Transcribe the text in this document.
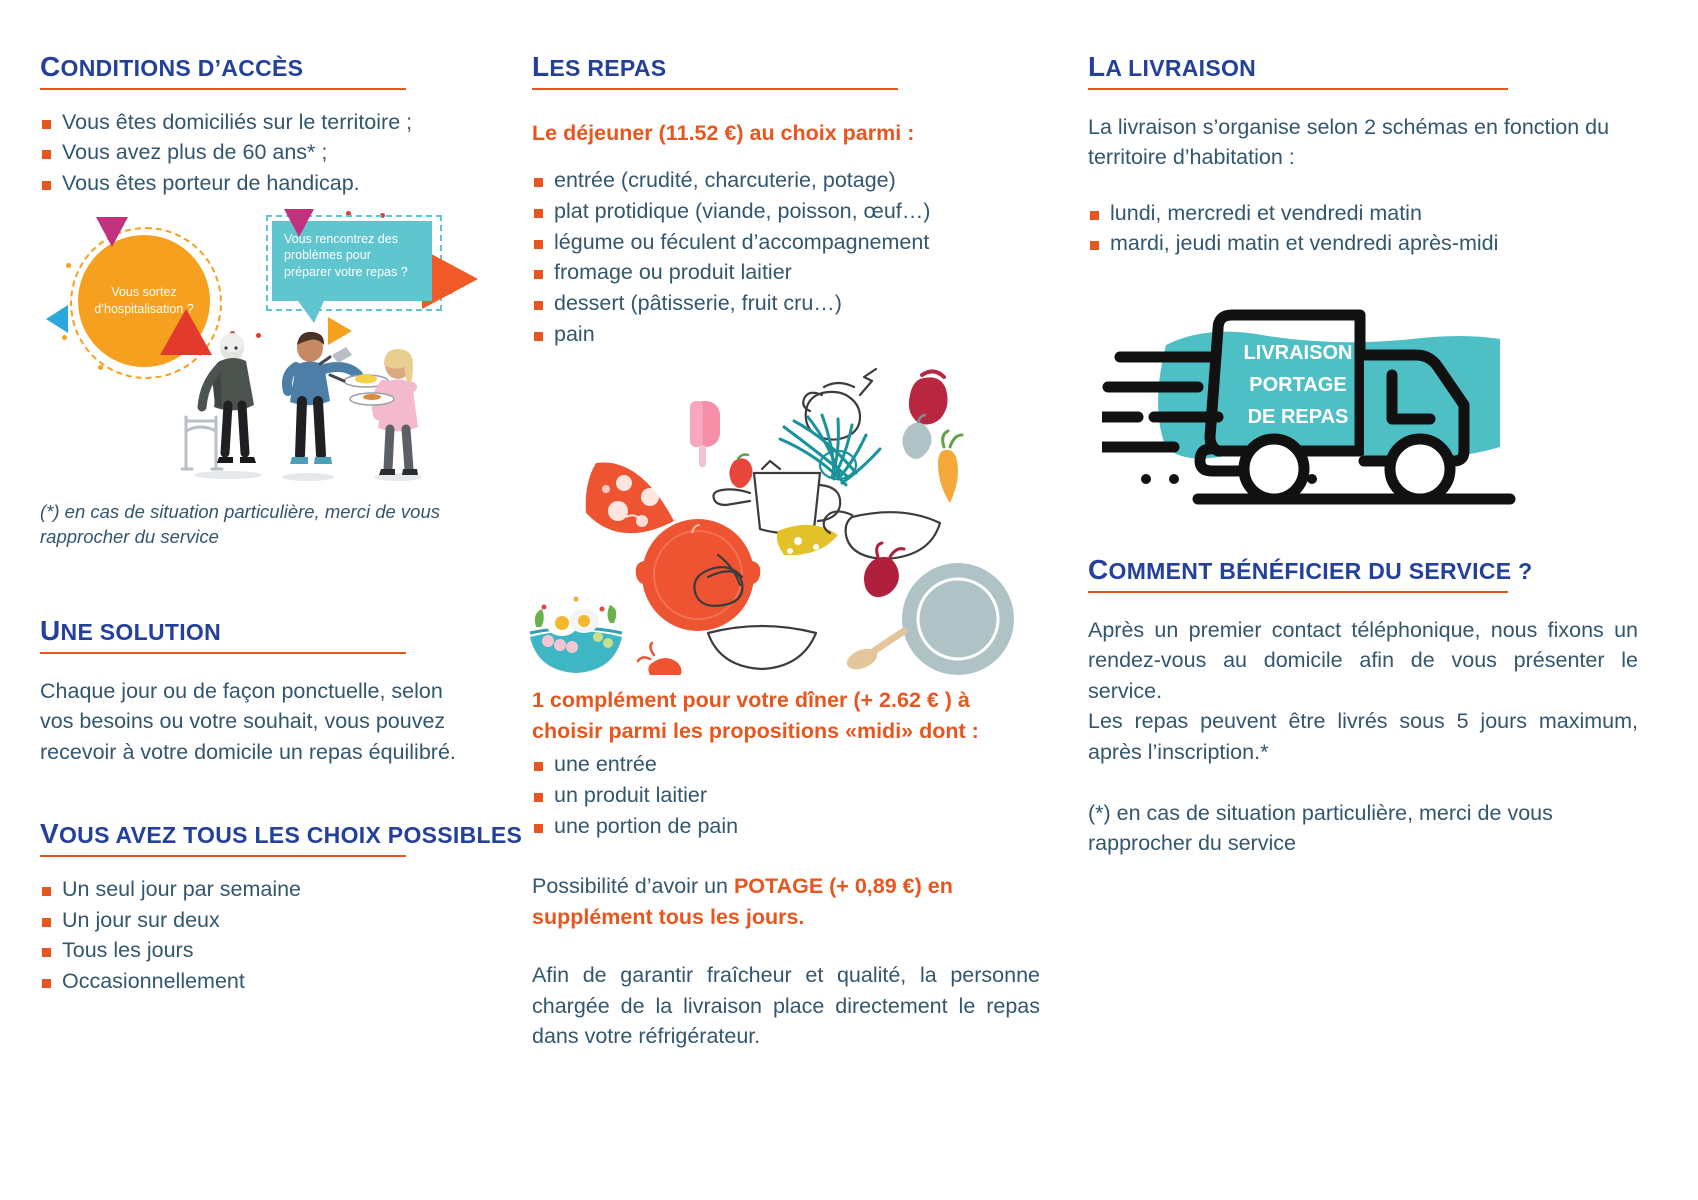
CONDITIONS D’ACCÈS
Vous êtes domiciliés sur le territoire ;
Vous avez plus de 60 ans* ;
Vous êtes porteur de handicap.
Vous sortez d’hospitalisation ?
Vous rencontrez des problèmes pour préparer votre repas ?

(*) en cas de situation particulière, merci de vous rapprocher du service

UNE SOLUTION

Chaque jour ou de façon ponctuelle, selon vos besoins ou votre souhait, vous pouvez recevoir à votre domicile un repas équilibré.

VOUS AVEZ TOUS LES CHOIX POSSIBLES
Un seul jour par semaine
Un jour sur deux
Tous les jours
Occasionnellement
LES REPAS

Le déjeuner (11.52 €) au choix parmi :

entrée (crudité, charcuterie, potage)
plat protidique (viande, poisson, œuf…)
légume ou féculent d’accompagnement
fromage ou produit laitier
dessert (pâtisserie, fruit cru…)
pain

1 complément pour votre dîner (+ 2.62 € ) à choisir parmi les propositions «midi» dont :

une entrée
un produit laitier
une portion de pain

Possibilité d’avoir un POTAGE (+ 0,89 €) en supplément tous les jours.

Afin de garantir fraîcheur et qualité, la personne chargée de la livraison place directement le repas dans votre réfrigérateur.

LA LIVRAISON

La livraison s’organise selon 2 schémas en fonction du territoire d’habitation :

lundi, mercredi et vendredi matin
mardi, jeudi matin et vendredi après-midi
LIVRAISON
PORTAGE
DE REPAS
COMMENT BÉNÉFICIER DU SERVICE ?

Après un premier contact téléphonique, nous fixons un rendez-vous au domicile afin de vous présenter le service.

Les repas peuvent être livrés sous 5 jours maximum, après l’inscription.*

(*) en cas de situation particulière, merci de vous rapprocher du service
